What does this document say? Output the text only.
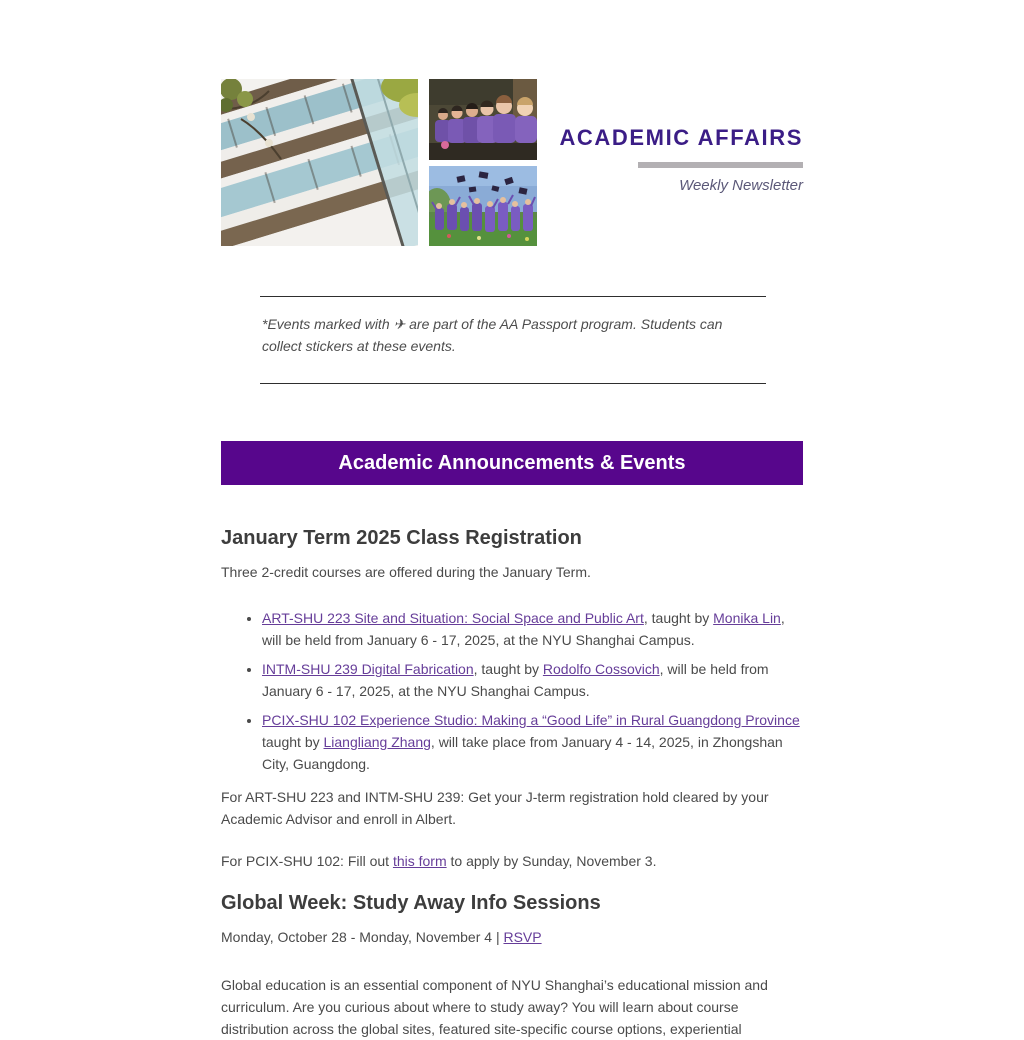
ACADEMIC AFFAIRS
Weekly Newsletter

*Events marked with ✈ are part of the AA Passport program. Students can collect stickers at these events.

Academic Announcements & Events
January Term 2025 Class Registration

Three 2-credit courses are offered during the January Term.

• ART-SHU 223 Site and Situation: Social Space and Public Art, taught by Monika Lin, will be held from January 6 - 17, 2025, at the NYU Shanghai Campus.
• INTM-SHU 239 Digital Fabrication, taught by Rodolfo Cossovich, will be held from January 6 - 17, 2025, at the NYU Shanghai Campus.
• PCIX-SHU 102 Experience Studio: Making a “Good Life” in Rural Guangdong Province taught by Liangliang Zhang, will take place from January 4 - 14, 2025, in Zhongshan City, Guangdong.

For ART-SHU 223 and INTM-SHU 239: Get your J-term registration hold cleared by your Academic Advisor and enroll in Albert.

For PCIX-SHU 102: Fill out this form to apply by Sunday, November 3.

Global Week: Study Away Info Sessions

Monday, October 28 - Monday, November 4 | RSVP

Global education is an essential component of NYU Shanghai’s educational mission and curriculum. Are you curious about where to study away? You will learn about course distribution across the global sites, featured site-specific course options, experiential
